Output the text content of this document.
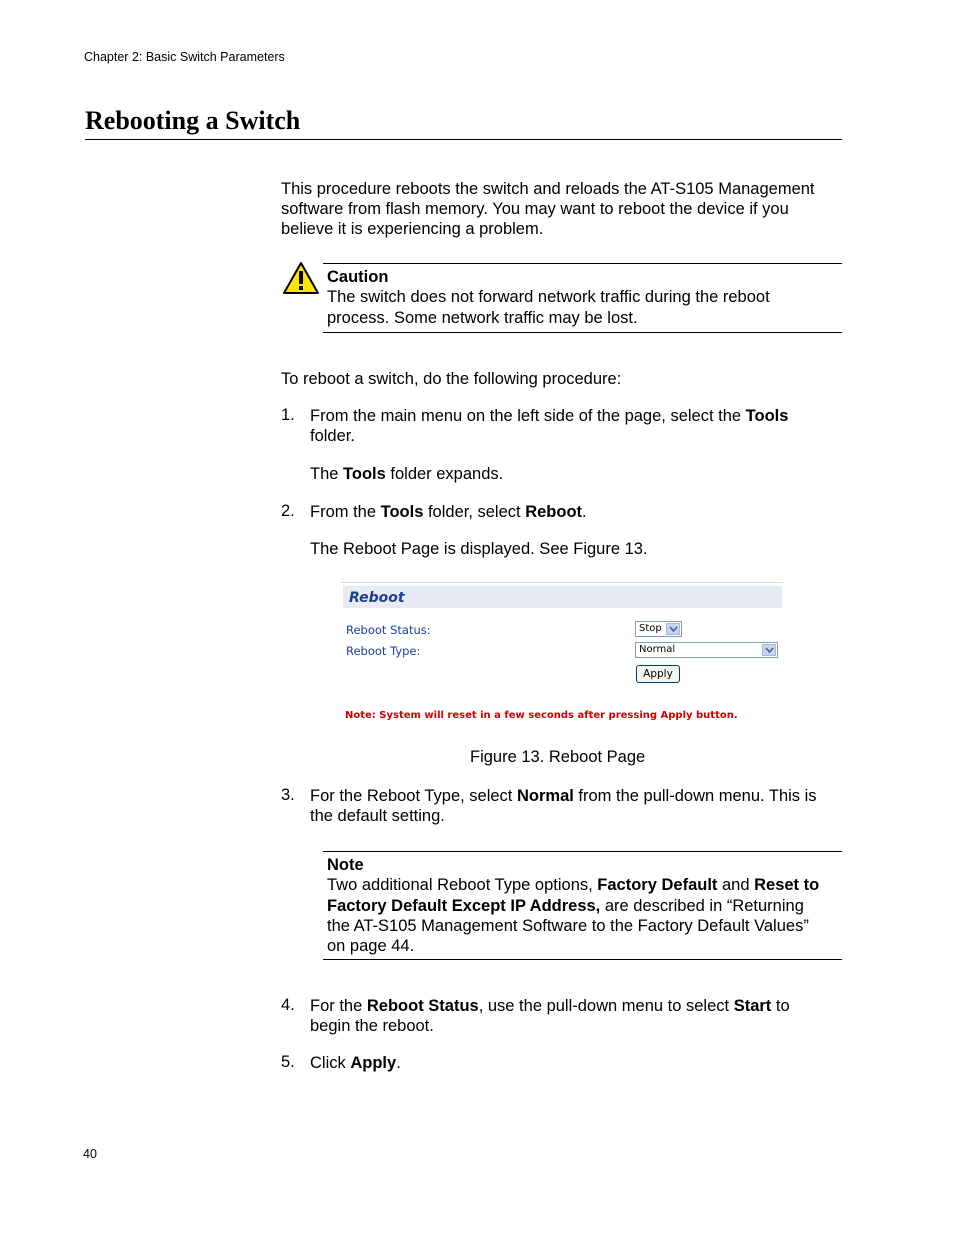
Chapter 2: Basic Switch Parameters
Rebooting a Switch
This procedure reboots the switch and reloads the AT-S105 Management
software from flash memory. You may want to reboot the device if you
believe it is experiencing a problem.
Caution
The switch does not forward network traffic during the reboot
process. Some network traffic may be lost.
To reboot a switch, do the following procedure:
1. From the main menu on the left side of the page, select the Tools
folder.
The Tools folder expands.
2. From the Tools folder, select Reboot.
The Reboot Page is displayed. See Figure 13.
Reboot
Reboot Status:	Stop
Reboot Type:	Normal
Apply
Note: System will reset in a few seconds after pressing Apply button.
Figure 13. Reboot Page
3. For the Reboot Type, select Normal from the pull-down menu. This is
the default setting.
Note
Two additional Reboot Type options, Factory Default and Reset to
Factory Default Except IP Address, are described in “Returning
the AT-S105 Management Software to the Factory Default Values”
on page 44.
4. For the Reboot Status, use the pull-down menu to select Start to
begin the reboot.
5. Click Apply.
40
